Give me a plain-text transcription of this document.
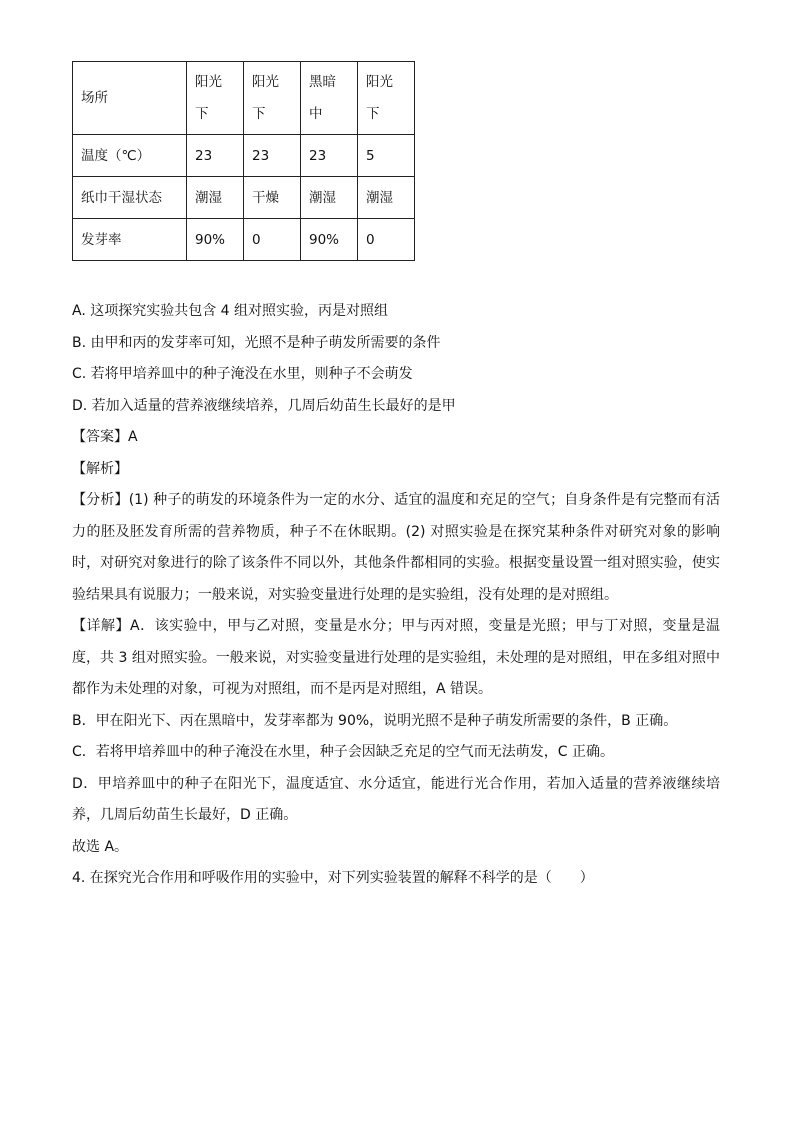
场所	阳光下	阳光下	黑暗中	阳光下

温度（℃）	23	23	23	5
纸巾干湿状态	潮湿	干燥	潮湿	潮湿
发芽率	90%	0	90%	0
A. 这项探究实验共包含 4 组对照实验，丙是对照组
B. 由甲和丙的发芽率可知，光照不是种子萌发所需要的条件
C. 若将甲培养皿中的种子淹没在水里，则种子不会萌发
D. 若加入适量的营养液继续培养，几周后幼苗生长最好的是甲
【答案】A
【解析】
【分析】(1) 种子的萌发的环境条件为一定的水分、适宜的温度和充足的空气；自身条件是有完整而有活力的胚及胚发育所需的营养物质，种子不在休眠期。(2) 对照实验是在探究某种条件对研究对象的影响时，对研究对象进行的除了该条件不同以外，其他条件都相同的实验。根据变量设置一组对照实验，使实验结果具有说服力；一般来说，对实验变量进行处理的是实验组，没有处理的是对照组。
【详解】A．该实验中，甲与乙对照，变量是水分；甲与丙对照，变量是光照；甲与丁对照，变量是温度，共 3 组对照实验。一般来说，对实验变量进行处理的是实验组，未处理的是对照组，甲在多组对照中都作为未处理的对象，可视为对照组，而不是丙是对照组，A 错误。
B．甲在阳光下、丙在黑暗中，发芽率都为 90%，说明光照不是种子萌发所需要的条件，B 正确。
C．若将甲培养皿中的种子淹没在水里，种子会因缺乏充足的空气而无法萌发，C 正确。
D．甲培养皿中的种子在阳光下，温度适宜、水分适宜，能进行光合作用，若加入适量的营养液继续培养，几周后幼苗生长最好，D 正确。
故选 A。
4. 在探究光合作用和呼吸作用的实验中，对下列实验装置的解释不科学的是（　　）
